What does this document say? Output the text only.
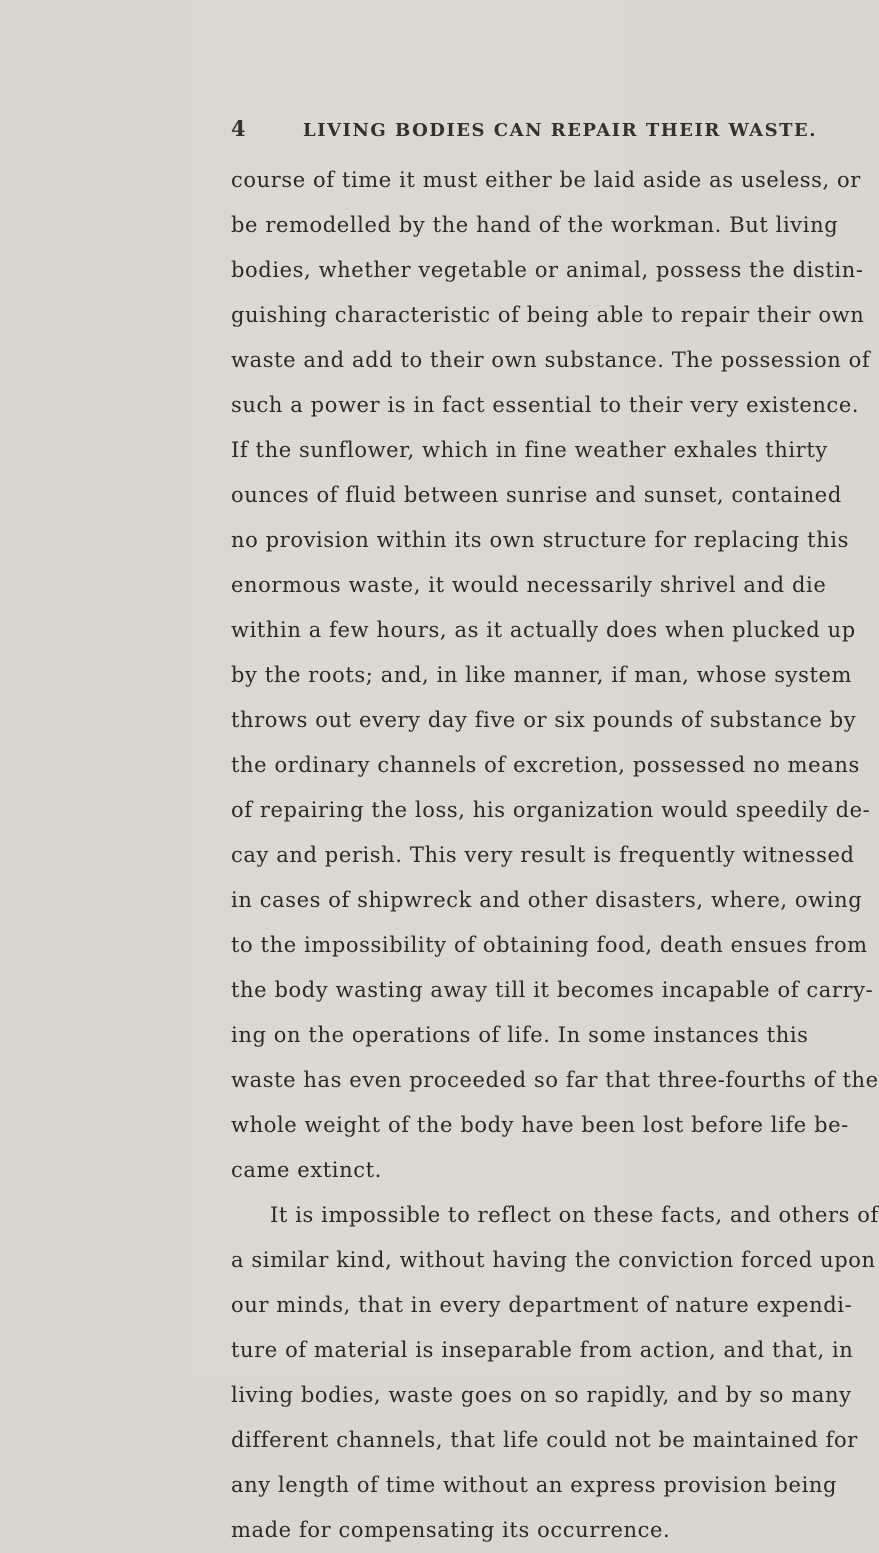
4	LIVING BODIES CAN REPAIR THEIR WASTE.
course of time it must either be laid aside as useless, or
be remodelled by the hand of the workman. But living
bodies, whether vegetable or animal, possess the distin-
guishing characteristic of being able to repair their own
waste and add to their own substance. The possession of
such a power is in fact essential to their very existence.
If the sunflower, which in fine weather exhales thirty
ounces of fluid between sunrise and sunset, contained
no provision within its own structure for replacing this
enormous waste, it would necessarily shrivel and die
within a few hours, as it actually does when plucked up
by the roots; and, in like manner, if man, whose system
throws out every day five or six pounds of substance by
the ordinary channels of excretion, possessed no means
of repairing the loss, his organization would speedily de-
cay and perish. This very result is frequently witnessed
in cases of shipwreck and other disasters, where, owing
to the impossibility of obtaining food, death ensues from
the body wasting away till it becomes incapable of carry-
ing on the operations of life. In some instances this
waste has even proceeded so far that three-fourths of the
whole weight of the body have been lost before life be-
came extinct.
It is impossible to reflect on these facts, and others of
a similar kind, without having the conviction forced upon
our minds, that in every department of nature expendi-
ture of material is inseparable from action, and that, in
living bodies, waste goes on so rapidly, and by so many
different channels, that life could not be maintained for
any length of time without an express provision being
made for compensating its occurrence.
